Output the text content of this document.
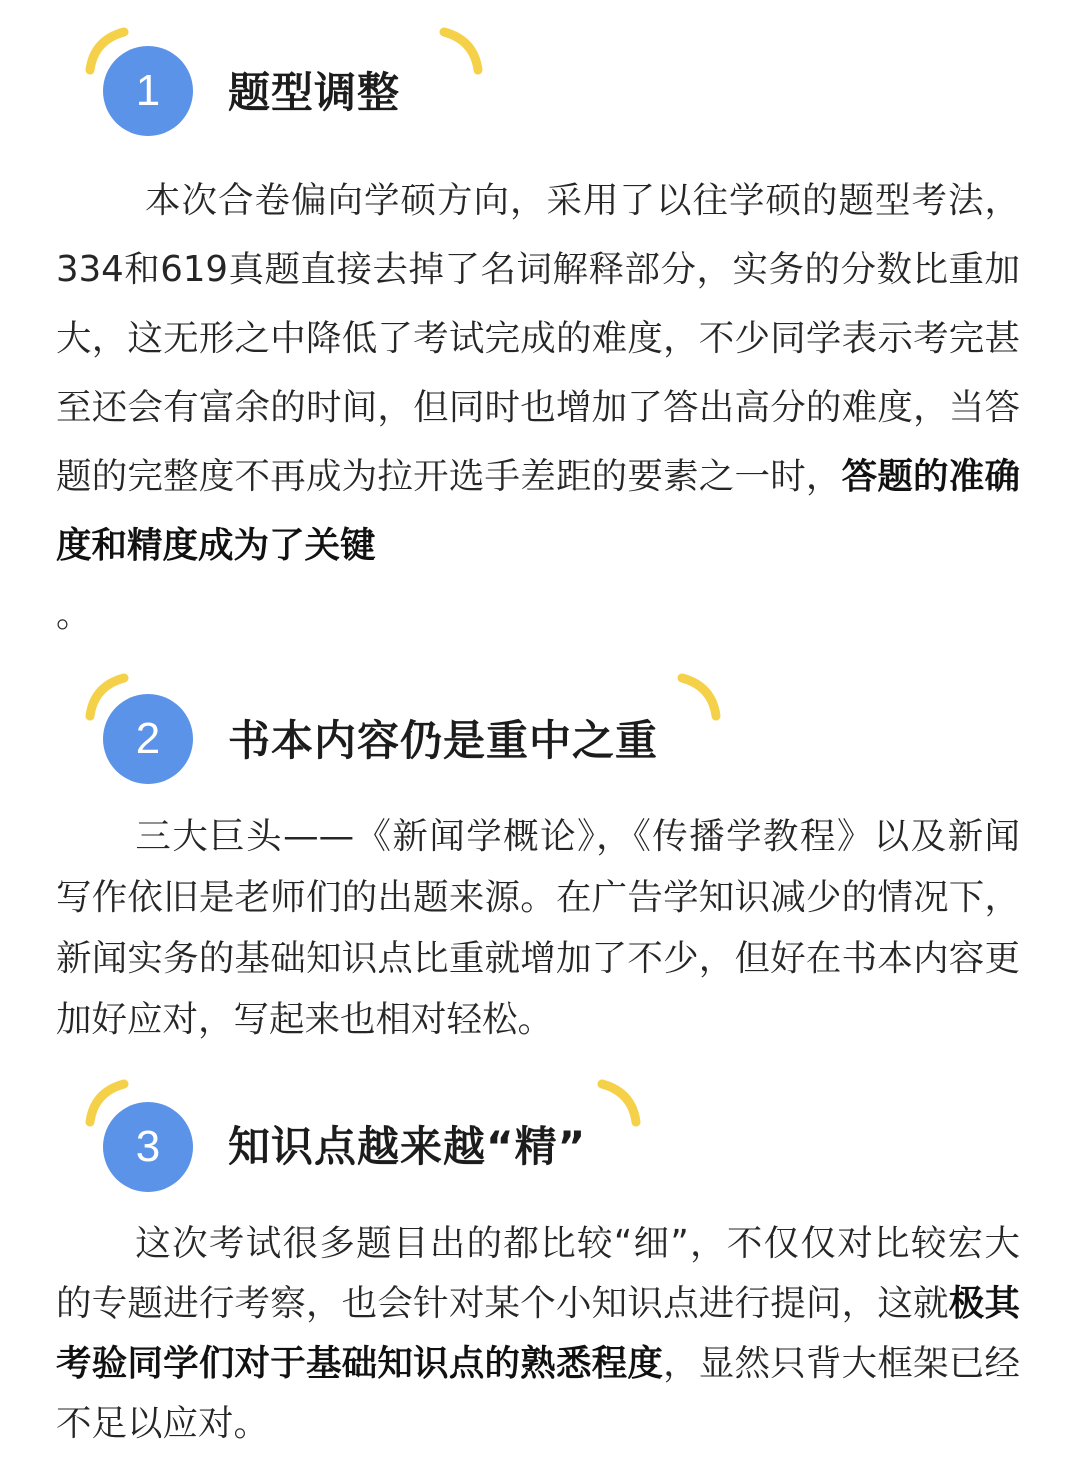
1	题型调整

本次合卷偏向学硕方向，采用了以往学硕的题型考法，334和619真题直接去掉了名词解释部分，实务的分数比重加大，这无形之中降低了考试完成的难度，不少同学表示考完甚至还会有富余的时间，但同时也增加了答出高分的难度，当答题的完整度不再成为拉开选手差距的要素之一时，答题的准确度和精度成为了关键
。

2	书本内容仍是重中之重

三大巨头——《新闻学概论》，《传播学教程》以及新闻写作依旧是老师们的出题来源。在广告学知识减少的情况下，新闻实务的基础知识点比重就增加了不少，但好在书本内容更加好应对，写起来也相对轻松。

3	知识点越来越“精”

这次考试很多题目出的都比较“细”，不仅仅对比较宏大的专题进行考察，也会针对某个小知识点进行提问，这就极其考验同学们对于基础知识点的熟悉程度，显然只背大框架已经不足以应对。
